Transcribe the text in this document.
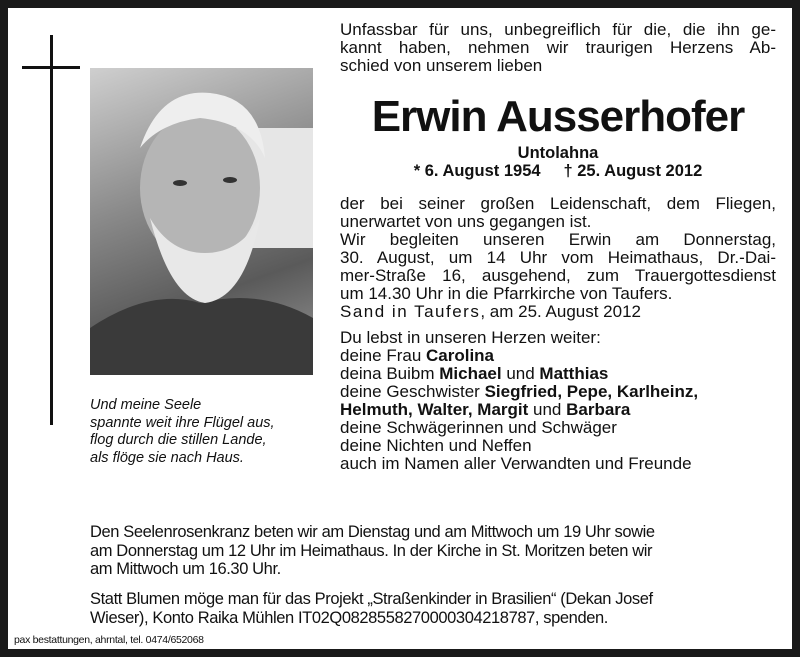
Und meine Seele

spannte weit ihre Flügel aus,

flog durch die stillen Lande,

als flöge sie nach Haus.

Unfassbar für uns, unbegreiflich für die, die ihn ge-

kannt haben, nehmen wir traurigen Herzens Ab-

schied von unserem lieben

Erwin Ausserhofer

Untolahna

* 6. August 1954 † 25. August 2012

der bei seiner großen Leidenschaft, dem Fliegen,

unerwartet von uns gegangen ist.

Wir begleiten unseren Erwin am Donnerstag,

30. August, um 14 Uhr vom Heimathaus, Dr.-Dai-

mer-Straße 16, ausgehend, zum Trauergottesdienst

um 14.30 Uhr in die Pfarrkirche von Taufers.

Sand in Taufers, am 25. August 2012

Du lebst in unseren Herzen weiter:

deine Frau Carolina

deina Buibm Michael und Matthias

deine Geschwister Siegfried, Pepe, Karlheinz,

Helmuth, Walter, Margit und Barbara

deine Schwägerinnen und Schwäger

deine Nichten und Neffen

auch im Namen aller Verwandten und Freunde

Den Seelenrosenkranz beten wir am Dienstag und am Mittwoch um 19 Uhr sowie

am Donnerstag um 12 Uhr im Heimathaus. In der Kirche in St. Moritzen beten wir

am Mittwoch um 16.30 Uhr.

Statt Blumen möge man für das Projekt „Straßenkinder in Brasilien“ (Dekan Josef

Wieser), Konto Raika Mühlen IT02Q0828558270000304218787, spenden.

pax bestattungen, ahrntal, tel. 0474/652068
